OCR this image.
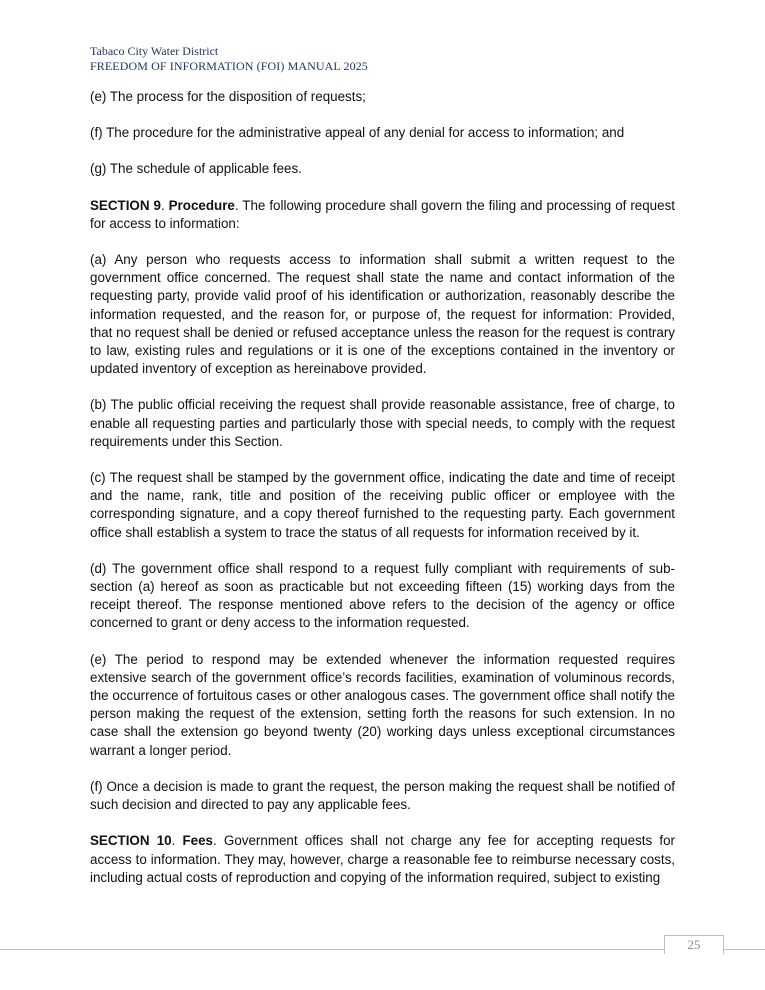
Tabaco City Water District
FREEDOM OF INFORMATION (FOI) MANUAL 2025

(e) The process for the disposition of requests;

(f) The procedure for the administrative appeal of any denial for access to information; and

(g) The schedule of applicable fees.

SECTION 9. Procedure. The following procedure shall govern the filing and processing of request for access to information:

(a) Any person who requests access to information shall submit a written request to the government office concerned. The request shall state the name and contact information of the requesting party, provide valid proof of his identification or authorization, reasonably describe the information requested, and the reason for, or purpose of, the request for information: Provided, that no request shall be denied or refused acceptance unless the reason for the request is contrary to law, existing rules and regulations or it is one of the exceptions contained in the inventory or updated inventory of exception as hereinabove provided.

(b) The public official receiving the request shall provide reasonable assistance, free of charge, to enable all requesting parties and particularly those with special needs, to comply with the request requirements under this Section.

(c) The request shall be stamped by the government office, indicating the date and time of receipt and the name, rank, title and position of the receiving public officer or employee with the corresponding signature, and a copy thereof furnished to the requesting party. Each government office shall establish a system to trace the status of all requests for information received by it.

(d) The government office shall respond to a request fully compliant with requirements of sub-section (a) hereof as soon as practicable but not exceeding fifteen (15) working days from the receipt thereof. The response mentioned above refers to the decision of the agency or office concerned to grant or deny access to the information requested.

(e) The period to respond may be extended whenever the information requested requires extensive search of the government office’s records facilities, examination of voluminous records, the occurrence of fortuitous cases or other analogous cases. The government office shall notify the person making the request of the extension, setting forth the reasons for such extension. In no case shall the extension go beyond twenty (20) working days unless exceptional circumstances warrant a longer period.

(f) Once a decision is made to grant the request, the person making the request shall be notified of such decision and directed to pay any applicable fees.

SECTION 10. Fees. Government offices shall not charge any fee for accepting requests for access to information. They may, however, charge a reasonable fee to reimburse necessary costs, including actual costs of reproduction and copying of the information required, subject to existing

25
